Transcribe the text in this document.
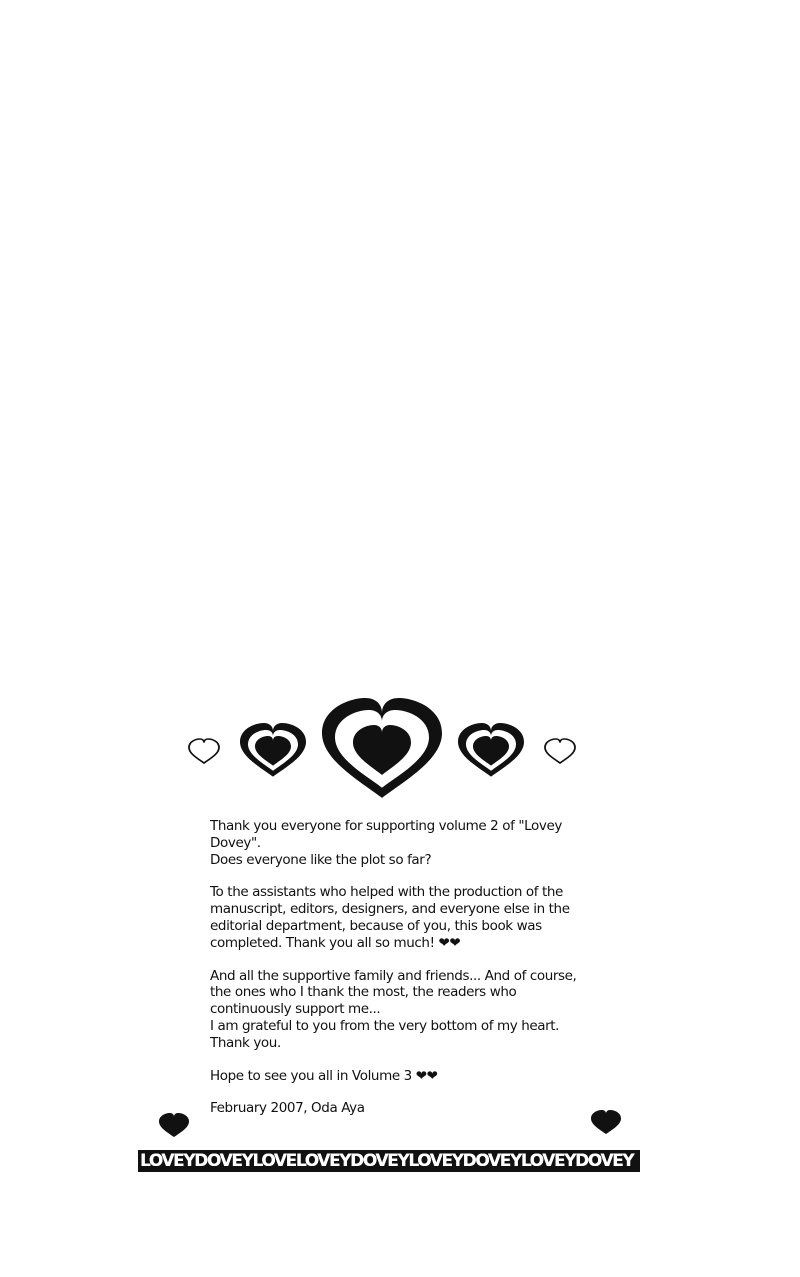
Thank you everyone for supporting volume 2 of "Lovey Dovey".
Does everyone like the plot so far?

To the assistants who helped with the production of the manuscript, editors, designers, and everyone else in the editorial department, because of you, this book was completed. Thank you all so much! ❤❤

And all the supportive family and friends... And of course, the ones who I thank the most, the readers who continuously support me...
I am grateful to you from the very bottom of my heart. Thank you.

Hope to see you all in Volume 3 ❤❤

February 2007, Oda Aya

LOVEYDOVEYLOVELOVEYDOVEYLOVEYDOVEYLOVEYDOVEY
